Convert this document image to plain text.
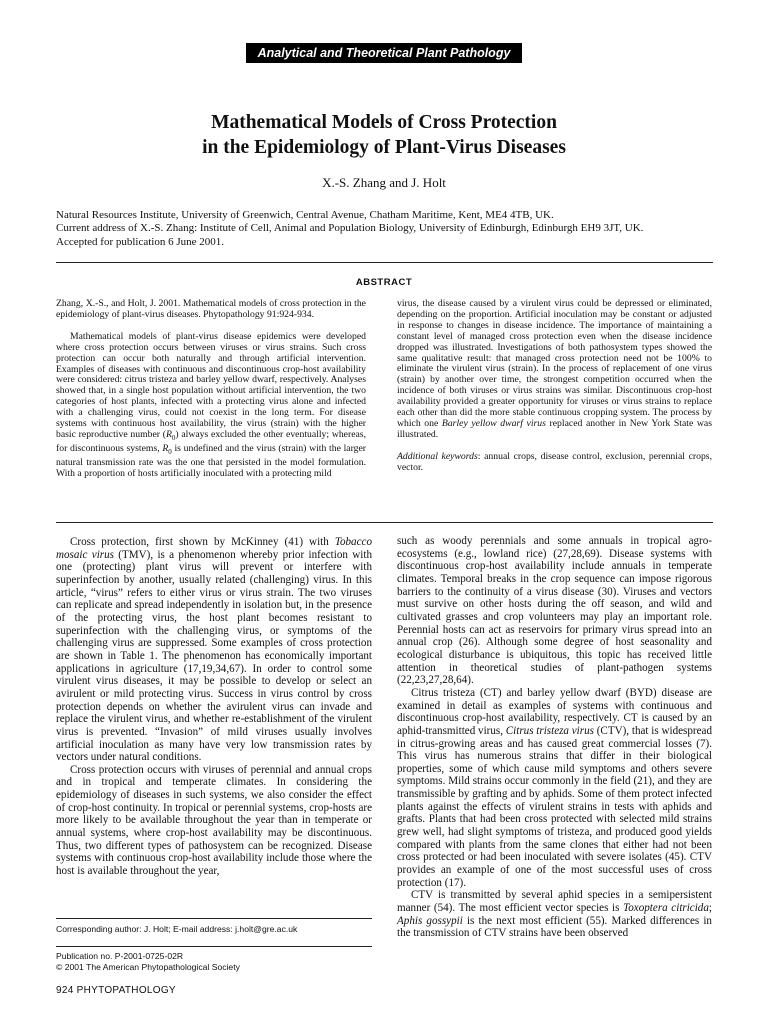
Analytical and Theoretical Plant Pathology
Mathematical Models of Cross Protection
in the Epidemiology of Plant-Virus Diseases
X.-S. Zhang and J. Holt
Natural Resources Institute, University of Greenwich, Central Avenue, Chatham Maritime, Kent, ME4 4TB, UK.
Current address of X.-S. Zhang: Institute of Cell, Animal and Population Biology, University of Edinburgh, Edinburgh EH9 3JT, UK.
Accepted for publication 6 June 2001.
ABSTRACT

Zhang, X.-S., and Holt, J. 2001. Mathematical models of cross protection in the epidemiology of plant-virus diseases. Phytopathology 91:924-934.

Mathematical models of plant-virus disease epidemics were developed where cross protection occurs between viruses or virus strains. Such cross protection can occur both naturally and through artificial intervention. Examples of diseases with continuous and discontinuous crop-host availability were considered: citrus tristeza and barley yellow dwarf, respectively. Analyses showed that, in a single host population without artificial intervention, the two categories of host plants, infected with a protecting virus alone and infected with a challenging virus, could not coexist in the long term. For disease systems with continuous host availability, the virus (strain) with the higher basic reproductive number $(R_0)$ always excluded the other eventually; whereas, for discontinuous systems, $R_0$ is undefined and the virus (strain) with the larger natural transmission rate was the one that persisted in the model formulation. With a proportion of hosts artificially inoculated with a protecting mild

virus, the disease caused by a virulent virus could be depressed or eliminated, depending on the proportion. Artificial inoculation may be constant or adjusted in response to changes in disease incidence. The importance of maintaining a constant level of managed cross protection even when the disease incidence dropped was illustrated. Investigations of both pathosystem types showed the same qualitative result: that managed cross protection need not be 100% to eliminate the virulent virus (strain). In the process of replacement of one virus (strain) by another over time, the strongest competition occurred when the incidence of both viruses or virus strains was similar. Discontinuous crop-host availability provided a greater opportunity for viruses or virus strains to replace each other than did the more stable continuous cropping system. The process by which one Barley yellow dwarf virus replaced another in New York State was illustrated.

Additional keywords: annual crops, disease control, exclusion, perennial crops, vector.

Cross protection, first shown by McKinney (41) with Tobacco mosaic virus (TMV), is a phenomenon whereby prior infection with one (protecting) plant virus will prevent or interfere with superinfection by another, usually related (challenging) virus. In this article, “virus” refers to either virus or virus strain. The two viruses can replicate and spread independently in isolation but, in the presence of the protecting virus, the host plant becomes resistant to superinfection with the challenging virus, or symptoms of the challenging virus are suppressed. Some examples of cross protection are shown in Table 1. The phenomenon has economically important applications in agriculture (17,19,34,67). In order to control some virulent virus diseases, it may be possible to develop or select an avirulent or mild protecting virus. Success in virus control by cross protection depends on whether the avirulent virus can invade and replace the virulent virus, and whether re-establishment of the virulent virus is prevented. “Invasion” of mild viruses usually involves artificial inoculation as many have very low transmission rates by vectors under natural conditions.

Cross protection occurs with viruses of perennial and annual crops and in tropical and temperate climates. In considering the epidemiology of diseases in such systems, we also consider the effect of crop-host continuity. In tropical or perennial systems, crop-hosts are more likely to be available throughout the year than in temperate or annual systems, where crop-host availability may be discontinuous. Thus, two different types of pathosystem can be recognized. Disease systems with continuous crop-host availability include those where the host is available throughout the year,

Corresponding author: J. Holt; E-mail address: j.holt@gre.ac.uk
Publication no. P-2001-0725-02R
© 2001 The American Phytopathological Society
924 PHYTOPATHOLOGY

such as woody perennials and some annuals in tropical agro-ecosystems (e.g., lowland rice) (27,28,69). Disease systems with discontinuous crop-host availability include annuals in temperate climates. Temporal breaks in the crop sequence can impose rigorous barriers to the continuity of a virus disease (30). Viruses and vectors must survive on other hosts during the off season, and wild and cultivated grasses and crop volunteers may play an important role. Perennial hosts can act as reservoirs for primary virus spread into an annual crop (26). Although some degree of host seasonality and ecological disturbance is ubiquitous, this topic has received little attention in theoretical studies of plant-pathogen systems (22,23,27,28,64).

Citrus tristeza (CT) and barley yellow dwarf (BYD) disease are examined in detail as examples of systems with continuous and discontinuous crop-host availability, respectively. CT is caused by an aphid-transmitted virus, Citrus tristeza virus (CTV), that is widespread in citrus-growing areas and has caused great commercial losses (7). This virus has numerous strains that differ in their biological properties, some of which cause mild symptoms and others severe symptoms. Mild strains occur commonly in the field (21), and they are transmissible by grafting and by aphids. Some of them protect infected plants against the effects of virulent strains in tests with aphids and grafts. Plants that had been cross protected with selected mild strains grew well, had slight symptoms of tristeza, and produced good yields compared with plants from the same clones that either had not been cross protected or had been inoculated with severe isolates (45). CTV provides an example of one of the most successful uses of cross protection (17).

CTV is transmitted by several aphid species in a semipersistent manner (54). The most efficient vector species is Toxoptera citricida; Aphis gossypii is the next most efficient (55). Marked differences in the transmission of CTV strains have been observed
